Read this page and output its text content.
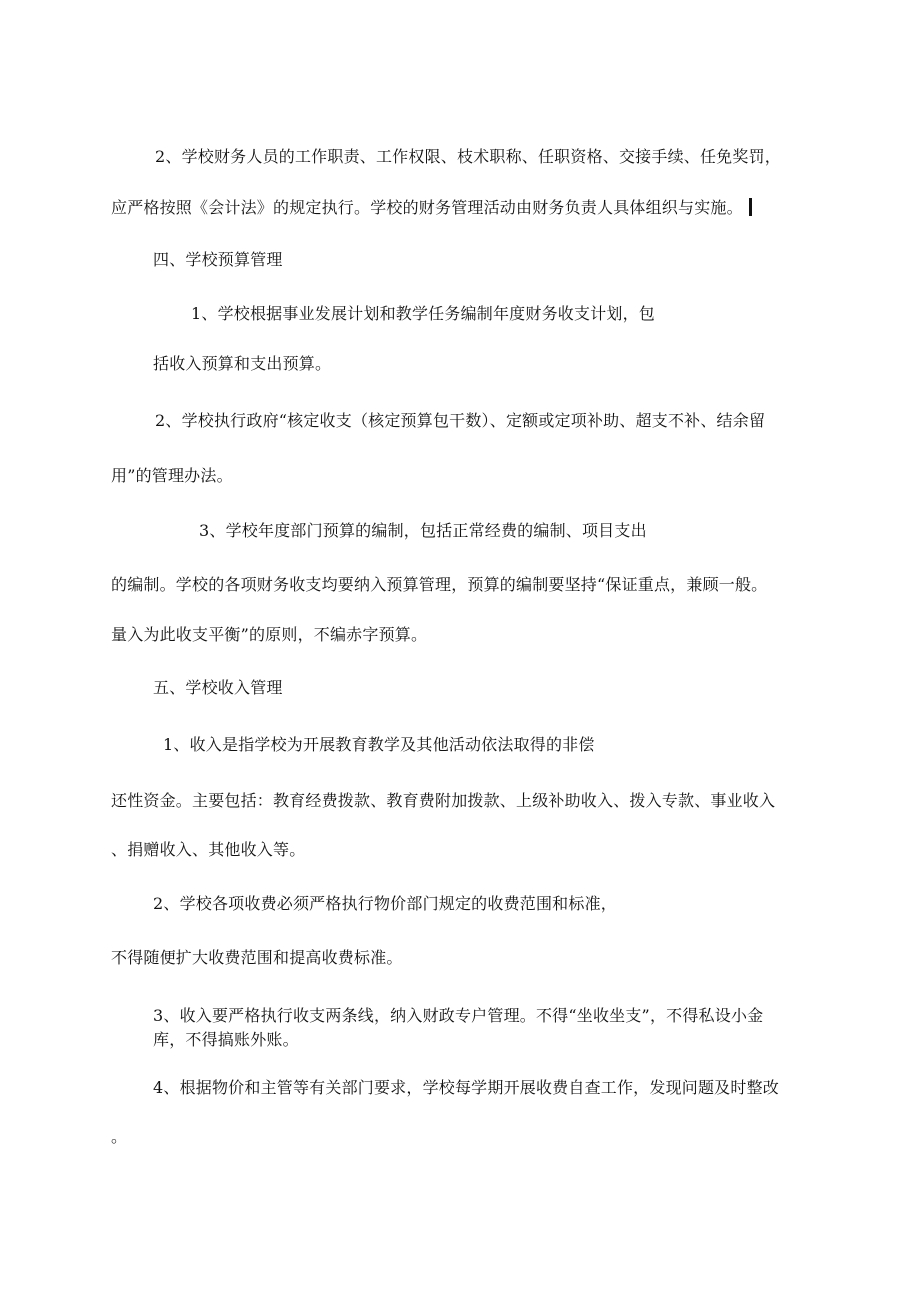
2、学校财务人员的工作职责、工作权限、枝术职称、任职资格、交接手续、任免奖罚，
应严格按照《会计法》的规定执行。学校的财务管理活动由财务负责人具体组织与实施。
四、学校预算管理
1、学校根据事业发展计划和教学任务编制年度财务收支计划，包
括收入预算和支出预算。
2、学校执行政府“核定收支（核定预算包干数）、定额或定项补助、超支不补、结余留
用”的管理办法。
3、学校年度部门预算的编制，包括正常经费的编制、项目支出
的编制。学校的各项财务收支均要纳入预算管理，预算的编制要坚持“保证重点，兼顾一般。
量入为此收支平衡”的原则，不编赤字预算。
五、学校收入管理
1、收入是指学校为开展教育教学及其他活动依法取得的非偿
还性资金。主要包括：教育经费拨款、教育费附加拨款、上级补助收入、拨入专款、事业收入
、捐赠收入、其他收入等。
2、学校各项收费必须严格执行物价部门规定的收费范围和标准，
不得随便扩大收费范围和提高收费标准。
3、收入要严格执行收支两条线，纳入财政专户管理。不得“坐收坐支”，不得私设小金
库，不得搞账外账。
4、根据物价和主管等有关部门要求，学校每学期开展收费自查工作，发现问题及时整改
。
